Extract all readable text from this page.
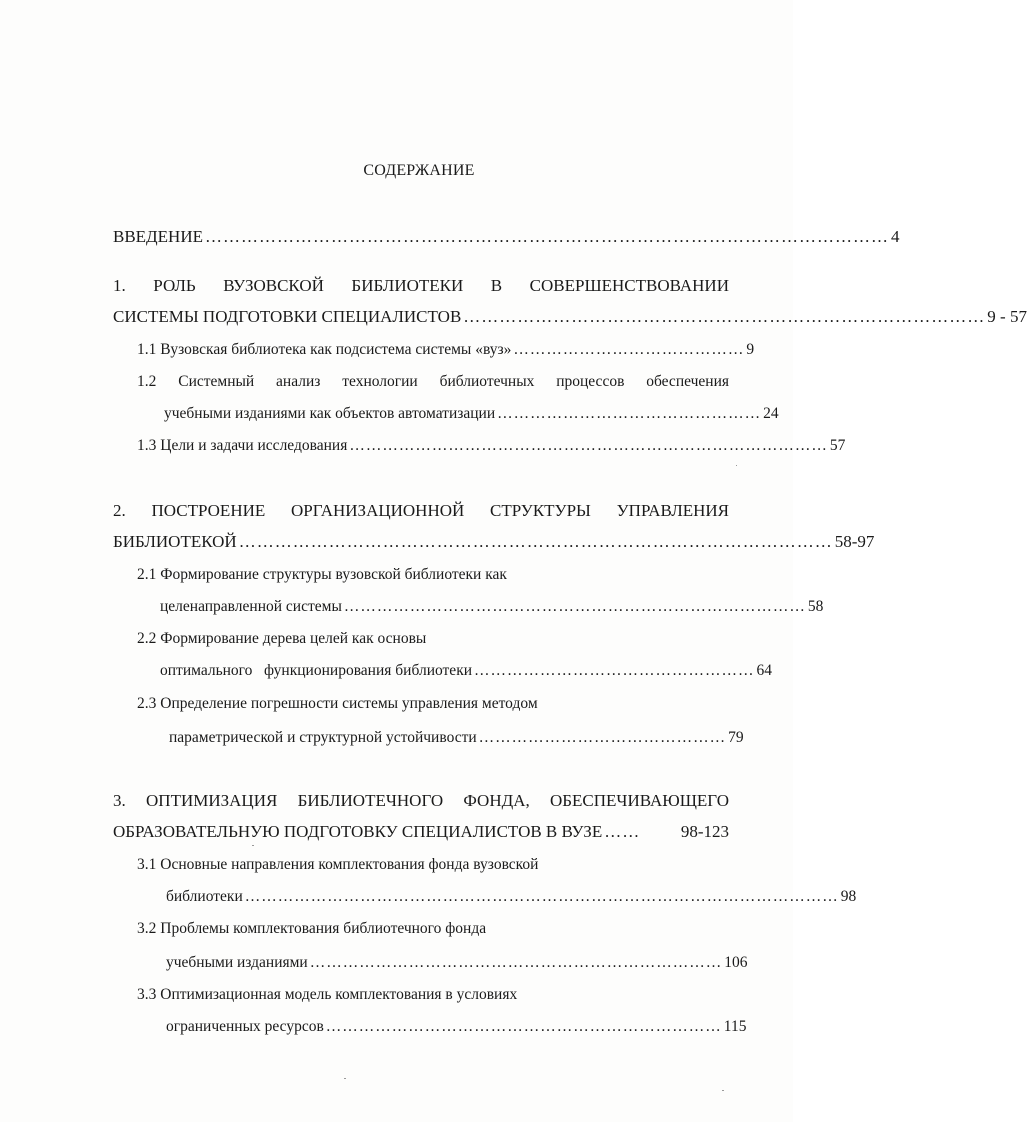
СОДЕРЖАНИЕ
ВВЕДЕНИЕ …………………………………………………………………………………………………… 4
1. РОЛЬ ВУЗОВСКОЙ БИБЛИОТЕКИ В СОВЕРШЕНСТВОВАНИИ
СИСТЕМЫ ПОДГОТОВКИ СПЕЦИАЛИСТОВ …………………………………………………………………………… 9 - 57
1.1 Вузовская библиотека как подсистема системы «вуз» …………………………………… 9
1.2 Системный анализ технологии библиотечных процессов обеспечения
учебными изданиями как объектов автоматизации ………………………………………… 24
1.3 Цели и задачи исследования …………………………………………………………………………… 57
2. ПОСТРОЕНИЕ ОРГАНИЗАЦИОННОЙ СТРУКТУРЫ УПРАВЛЕНИЯ
БИБЛИОТЕКОЙ ……………………………………………………………………………………… 58-97
2.1 Формирование структуры вузовской библиотеки как
целенаправленной системы ………………………………………………………………………… 58
2.2 Формирование дерева целей как основы
оптимального   функционирования библиотеки …………………………………………… 64
2.3 Определение погрешности системы управления методом
параметрической и структурной устойчивости ……………………………………… 79
3. ОПТИМИЗАЦИЯ БИБЛИОТЕЧНОГО ФОНДА, ОБЕСПЕЧИВАЮЩЕГО
ОБРАЗОВАТЕЛЬНУЮ ПОДГОТОВКУ СПЕЦИАЛИСТОВ В ВУЗЕ ……	98-123
3.1 Основные направления комплектования фонда вузовской
библиотеки ……………………………………………………………………………………………… 98
3.2 Проблемы комплектования библиотечного фонда
учебными изданиями ………………………………………………………………… 106
3.3 Оптимизационная модель комплектования в условиях
ограниченных ресурсов ……………………………………………………………… 115
